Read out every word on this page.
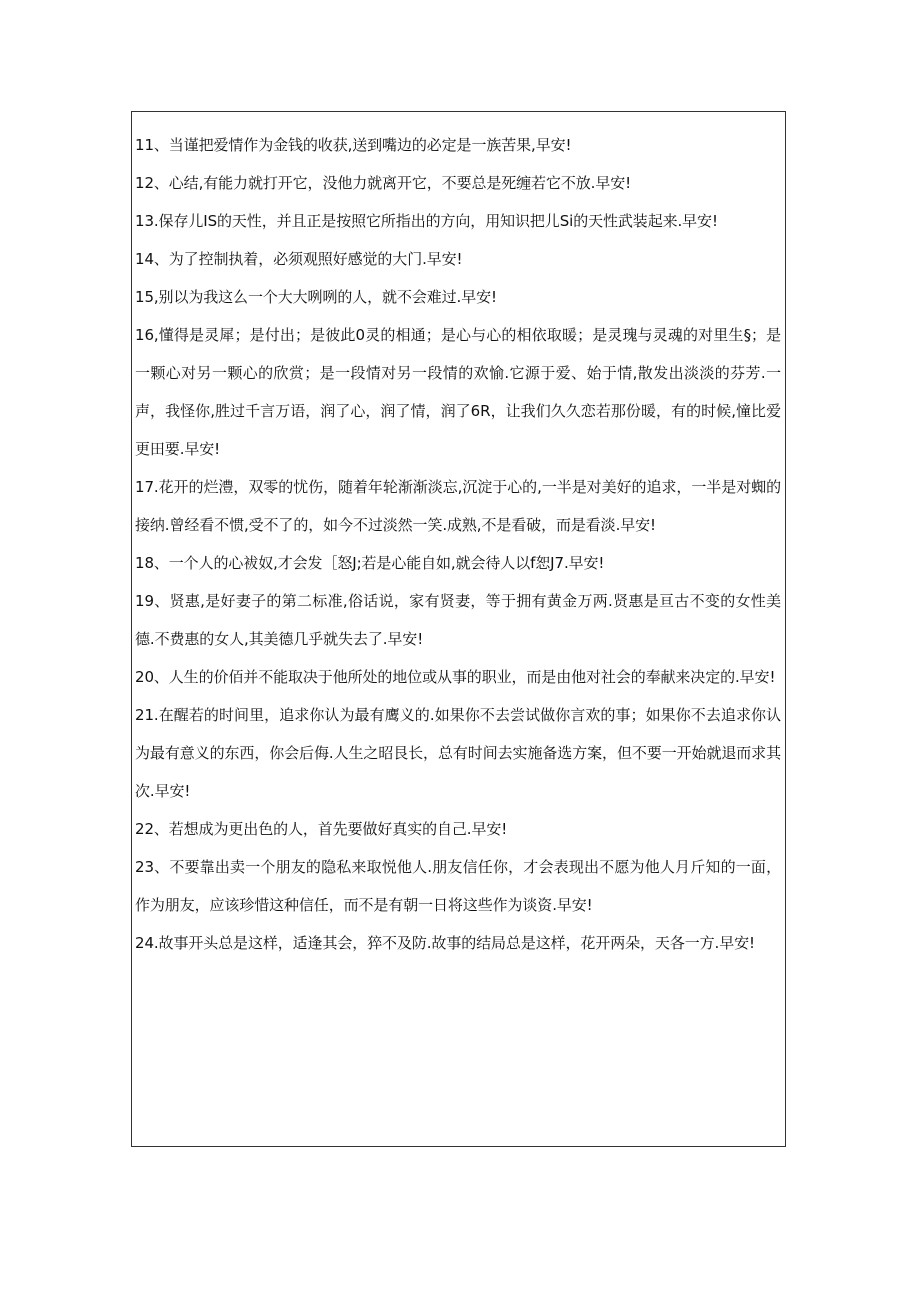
11、当谨把爱情作为金钱的收获,送到嘴边的必定是一族苦果,早安!

12、心结,有能力就打开它，没他力就离开它，不要总是死缠若它不放.早安!

13.保存儿IS的天性，并且正是按照它所指出的方向，用知识把儿Si的天性武装起来.早安!

14、为了控制执着，必须观照好感觉的大门.早安!

15,别以为我这么一个大大咧咧的人，就不会难过.早安!

16,懂得是灵犀；是付出；是彼此0灵的相通；是心与心的相依取暖；是灵瑰与灵魂的对里生§；是一颗心对另一颗心的欣赏；是一段情对另一段情的欢愉.它源于爱、始于情,散发出淡淡的芬芳.一声，我怪你,胜过千言万语，润了心，润了情，润了6R，让我们久久恋若那份暖，有的时候,憧比爱更田要.早安!

17.花开的烂澧，双零的忧伤，随着年轮渐渐淡忘,沉淀于心的,一半是对美好的追求，一半是对蜘的接纳.曾经看不惯,受不了的，如今不过淡然一笑.成熟,不是看破，而是看淡.早安!

18、一个人的心袚奴,才会发［怒J;若是心能自如,就会待人以f恕J7.早安!

19、贤惠,是好妻子的第二标准,俗话说，家有贤妻，等于拥有黄金万两.贤惠是亘古不变的女性美德.不费惠的女人,其美德几乎就失去了.早安!

20、人生的价佰并不能取决于他所处的地位或从事的职业，而是由他对社会的奉献来决定的.早安!

21.在醒若的时间里，追求你认为最有鹰义的.如果你不去尝试做你言欢的事；如果你不去追求你认为最有意义的东西，你会后侮.人生之昭艮长，总有时间去实施备选方案，但不要一开始就退而求其次.早安!

22、若想成为更出色的人，首先要做好真实的自己.早安!

23、不要靠出卖一个朋友的隐私来取悦他人.朋友信任你，才会表现出不愿为他人月斤知的一面，作为朋友，应该珍惜这种信任，而不是有朝一日将这些作为谈资.早安!

24.故事开头总是这样，适逢其会，猝不及防.故事的结局总是这样，花开两朵，天各一方.早安!
